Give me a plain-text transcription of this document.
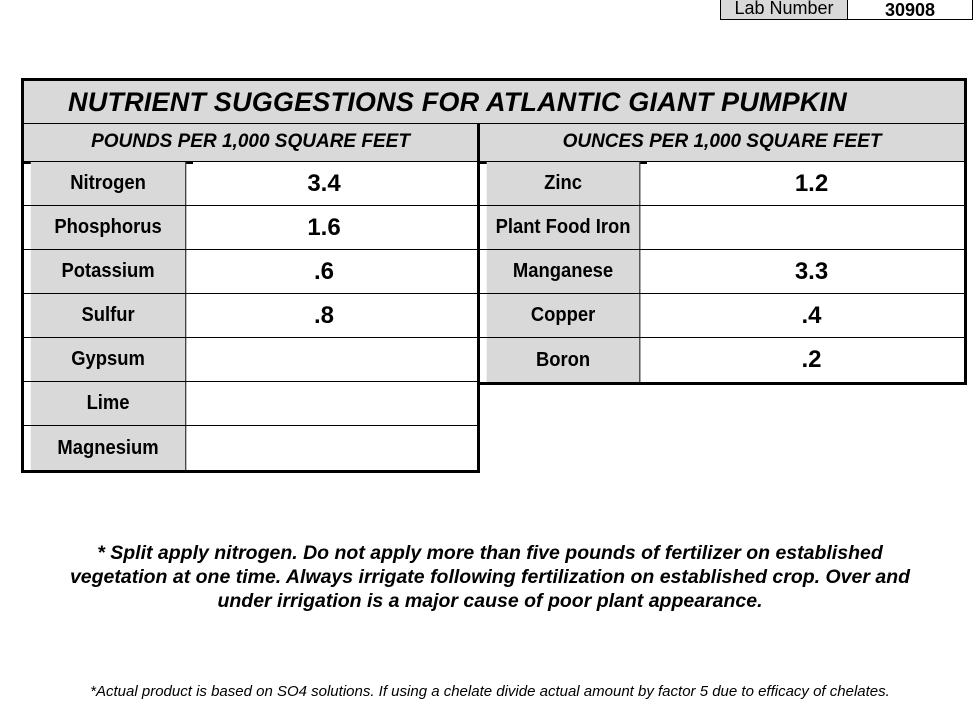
Lab Number	30908
NUTRIENT SUGGESTIONS FOR ATLANTIC GIANT PUMPKIN
POUNDS PER 1,000 SQUARE FEET	OUNCES PER 1,000 SQUARE FEET
Nitrogen	3.4
Phosphorus	1.6
Potassium	.6
Sulfur	.8
Gypsum
Lime
Magnesium
Zinc	1.2
Plant Food Iron
Manganese	3.3
Copper	.4
Boron	.2
* Split apply nitrogen. Do not apply more than five pounds of fertilizer on established vegetation at one time. Always irrigate following fertilization on established crop. Over and under irrigation is a major cause of poor plant appearance.
*Actual product is based on SO4 solutions. If using a chelate divide actual amount by factor 5 due to efficacy of chelates.
